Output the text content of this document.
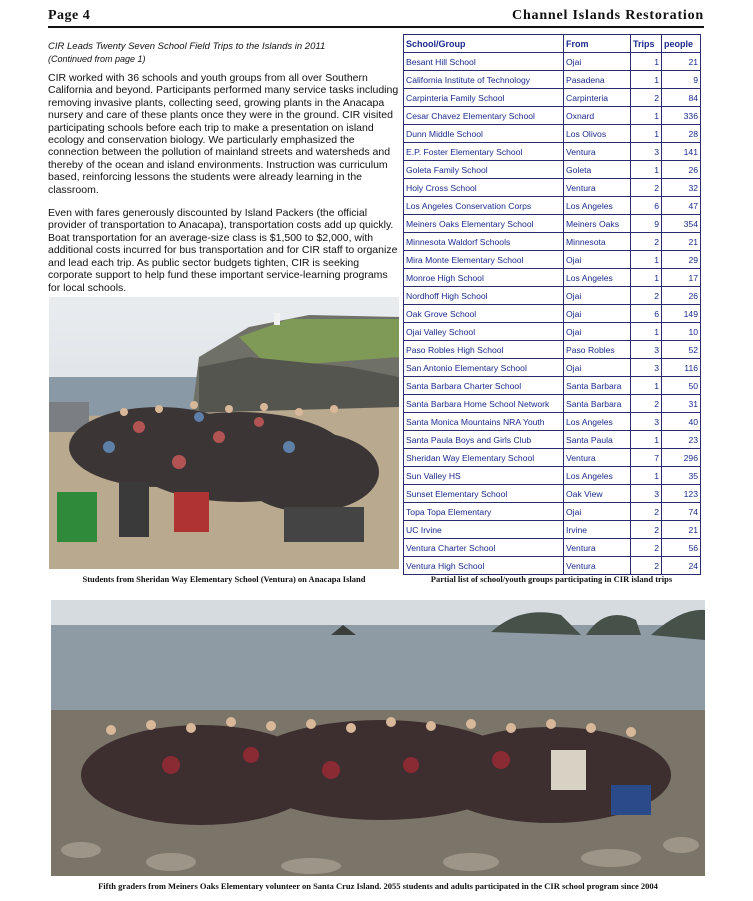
Page 4	Channel Islands Restoration

CIR Leads Twenty Seven School Field Trips to the Islands in 2011

(Continued from page 1)

CIR worked with 36 schools and youth groups from all over Southern California and beyond. Participants performed many service tasks including removing invasive plants, collecting seed, growing plants in the Anacapa nursery and care of these plants once they were in the ground. CIR visited participating schools before each trip to make a presentation on island ecology and conservation biology. We particularly emphasized the connection between the pollution of mainland streets and watersheds and thereby of the ocean and island environments. Instruction was curriculum based, reinforcing lessons the students were already learning in the classroom.

Even with fares generously discounted by Island Packers (the official provider of transportation to Anacapa), transportation costs add up quickly. Boat transportation for an average-size class is $1,500 to $2,000, with additional costs incurred for bus transportation and for CIR staff to organize and lead each trip. As public sector budgets tighten, CIR is seeking corporate support to help fund these important service-learning programs for local schools.

Students from Sheridan Way Elementary School (Ventura) on Anacapa Island
School/Group	From	Trips	people
Besant Hill School	Ojai	1	21
California Institute of Technology	Pasadena	1	9
Carpinteria Family School	Carpinteria	2	84
Cesar Chavez Elementary School	Oxnard	1	336
Dunn Middle School	Los Olivos	1	28
E.P. Foster Elementary School	Ventura	3	141
Goleta Family School	Goleta	1	26
Holy Cross School	Ventura	2	32
Los Angeles Conservation Corps	Los Angeles	6	47
Meiners Oaks Elementary School	Meiners Oaks	9	354
Minnesota Waldorf Schools	Minnesota	2	21
Mira Monte Elementary School	Ojai	1	29
Monroe High School	Los Angeles	1	17
Nordhoff High School	Ojai	2	26
Oak Grove School	Ojai	6	149
Ojai Valley School	Ojai	1	10
Paso Robles High School	Paso Robles	3	52
San Antonio Elementary School	Ojai	3	116
Santa Barbara Charter School	Santa Barbara	1	50
Santa Barbara Home School Network	Santa Barbara	2	31
Santa Monica Mountains NRA Youth	Los Angeles	3	40
Santa Paula Boys and Girls Club	Santa Paula	1	23
Sheridan Way Elementary School	Ventura	7	296
Sun Valley HS	Los Angeles	1	35
Sunset Elementary School	Oak View	3	123
Topa Topa Elementary	Ojai	2	74
UC Irvine	Irvine	2	21
Ventura Charter School	Ventura	2	56
Ventura High School	Ventura	2	24
Partial list of school/youth groups participating in CIR island trips
Fifth graders from Meiners Oaks Elementary volunteer on Santa Cruz Island. 2055 students and adults participated in the CIR school program since 2004
